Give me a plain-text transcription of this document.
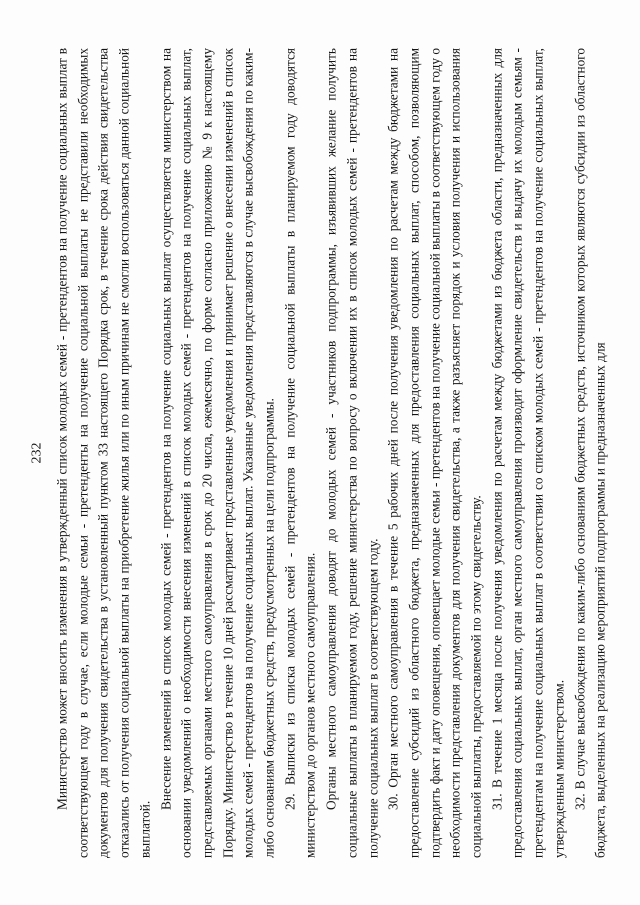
232 Министерство может вносить изменения в утвержденный список молодых семей - претендентов на получение социальных выплат в соответствующем году в случае, если молодые семьи - претенденты на получение социальной выплаты не представили необходимых документов для получения свидетельства в установленный пунктом 33 настоящего Порядка срок, в течение срока действия свидетельства отказались от получения социальной выплаты на приобретение жилья или по иным причинам не смогли воспользоваться данной социальной выплатой.

Внесение изменений в список молодых семей - претендентов на получение социальных выплат осуществляется министерством на основании уведомлений о необходимости внесения изменений в список молодых семей - претендентов на получение социальных выплат, представляемых органами местного самоуправления в срок до 20 числа, ежемесячно, по форме согласно приложению № 9 к настоящему Порядку. Министерство в течение 10 дней рассматривает представленные уведомления и принимает решение о внесении изменений в список молодых семей - претендентов на получение социальных выплат. Указанные уведомления представляются в случае высвобождения по каким-либо основаниям бюджетных средств, предусмотренных на цели подпрограммы. 29. Выписки из списка молодых семей - претендентов на получение социальной выплаты в планируемом году доводятся министерством до органов местного самоуправления. Органы местного самоуправления доводят до молодых семей - участников подпрограммы, изъявивших желание получить социальные выплаты в планируемом году, решение министерства по вопросу о включении их в список молодых семей - претендентов на получение социальных выплат в соответствующем году. 30. Орган местного самоуправления в течение 5 рабочих дней после получения уведомления по расчетам между бюджетами на предоставление субсидий из областного бюджета, предназначенных для предоставления социальных выплат, способом, позволяющим подтвердить факт и дату оповещения, оповещает молодые семьи - претендентов на получение социальной выплаты в соответствующем году о необходимости представления документов для получения свидетельства, а также разъясняет порядок и условия получения и использования социальной выплаты, предоставляемой по этому свидетельству. 31. В течение 1 месяца после получения уведомления по расчетам между бюджетами из бюджета области, предназначенных для предоставления социальных выплат, орган местного самоуправления производит оформление свидетельств и выдачу их молодым семьям - претендентам на получение социальных выплат в соответствии со списком молодых семей - претендентов на получение социальных выплат, утвержденным министерством. 32. В случае высвобождения по каким-либо основаниям бюджетных средств, источником которых являются субсидии из областного бюджета, выделенных на реализацию мероприятий подпрограммы и предназначенных для
